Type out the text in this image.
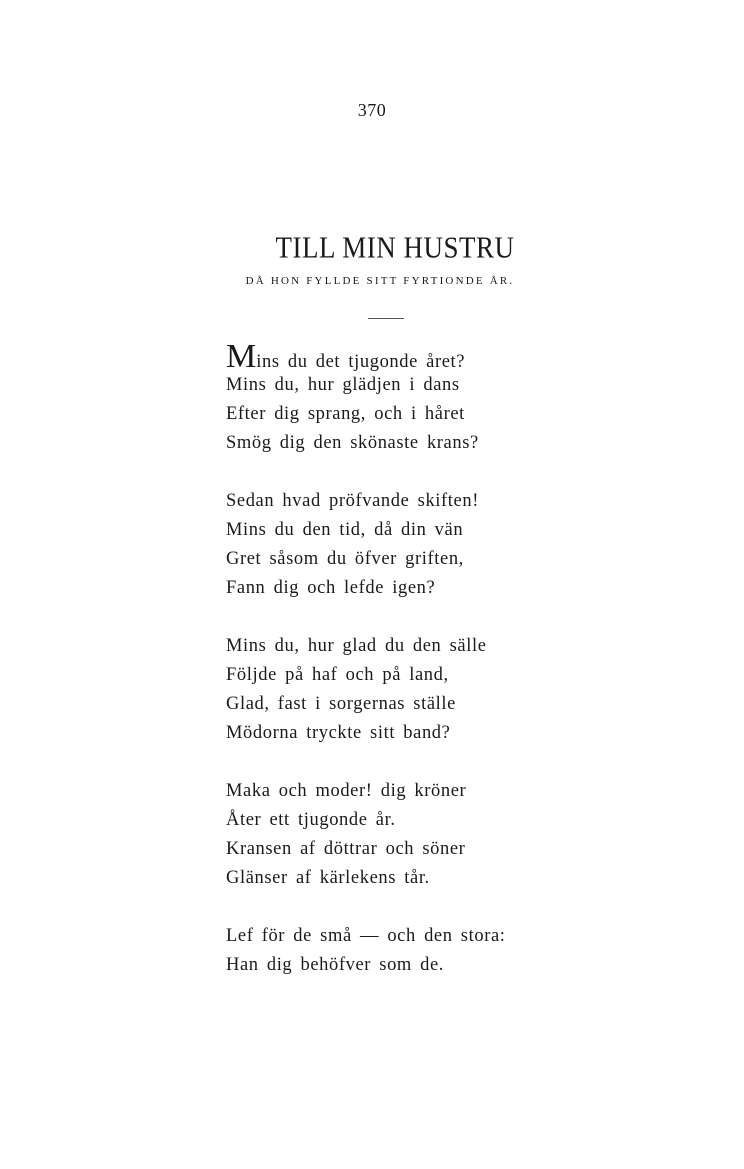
370
TILL MIN HUSTRU
DÅ HON FYLLDE SITT FYRTIONDE ÅR.
Mins du det tjugonde året?
Mins du, hur glädjen i dans
Efter dig sprang, och i håret
Smög dig den skönaste krans?
Sedan hvad pröfvande skiften!
Mins du den tid, då din vän
Gret såsom du öfver griften,
Fann dig och lefde igen?
Mins du, hur glad du den sälle
Följde på haf och på land,
Glad, fast i sorgernas ställe
Mödorna tryckte sitt band?
Maka och moder! dig kröner
Åter ett tjugonde år.
Kransen af döttrar och söner
Glänser af kärlekens tår.
Lef för de små — och den stora:
Han dig behöfver som de.
